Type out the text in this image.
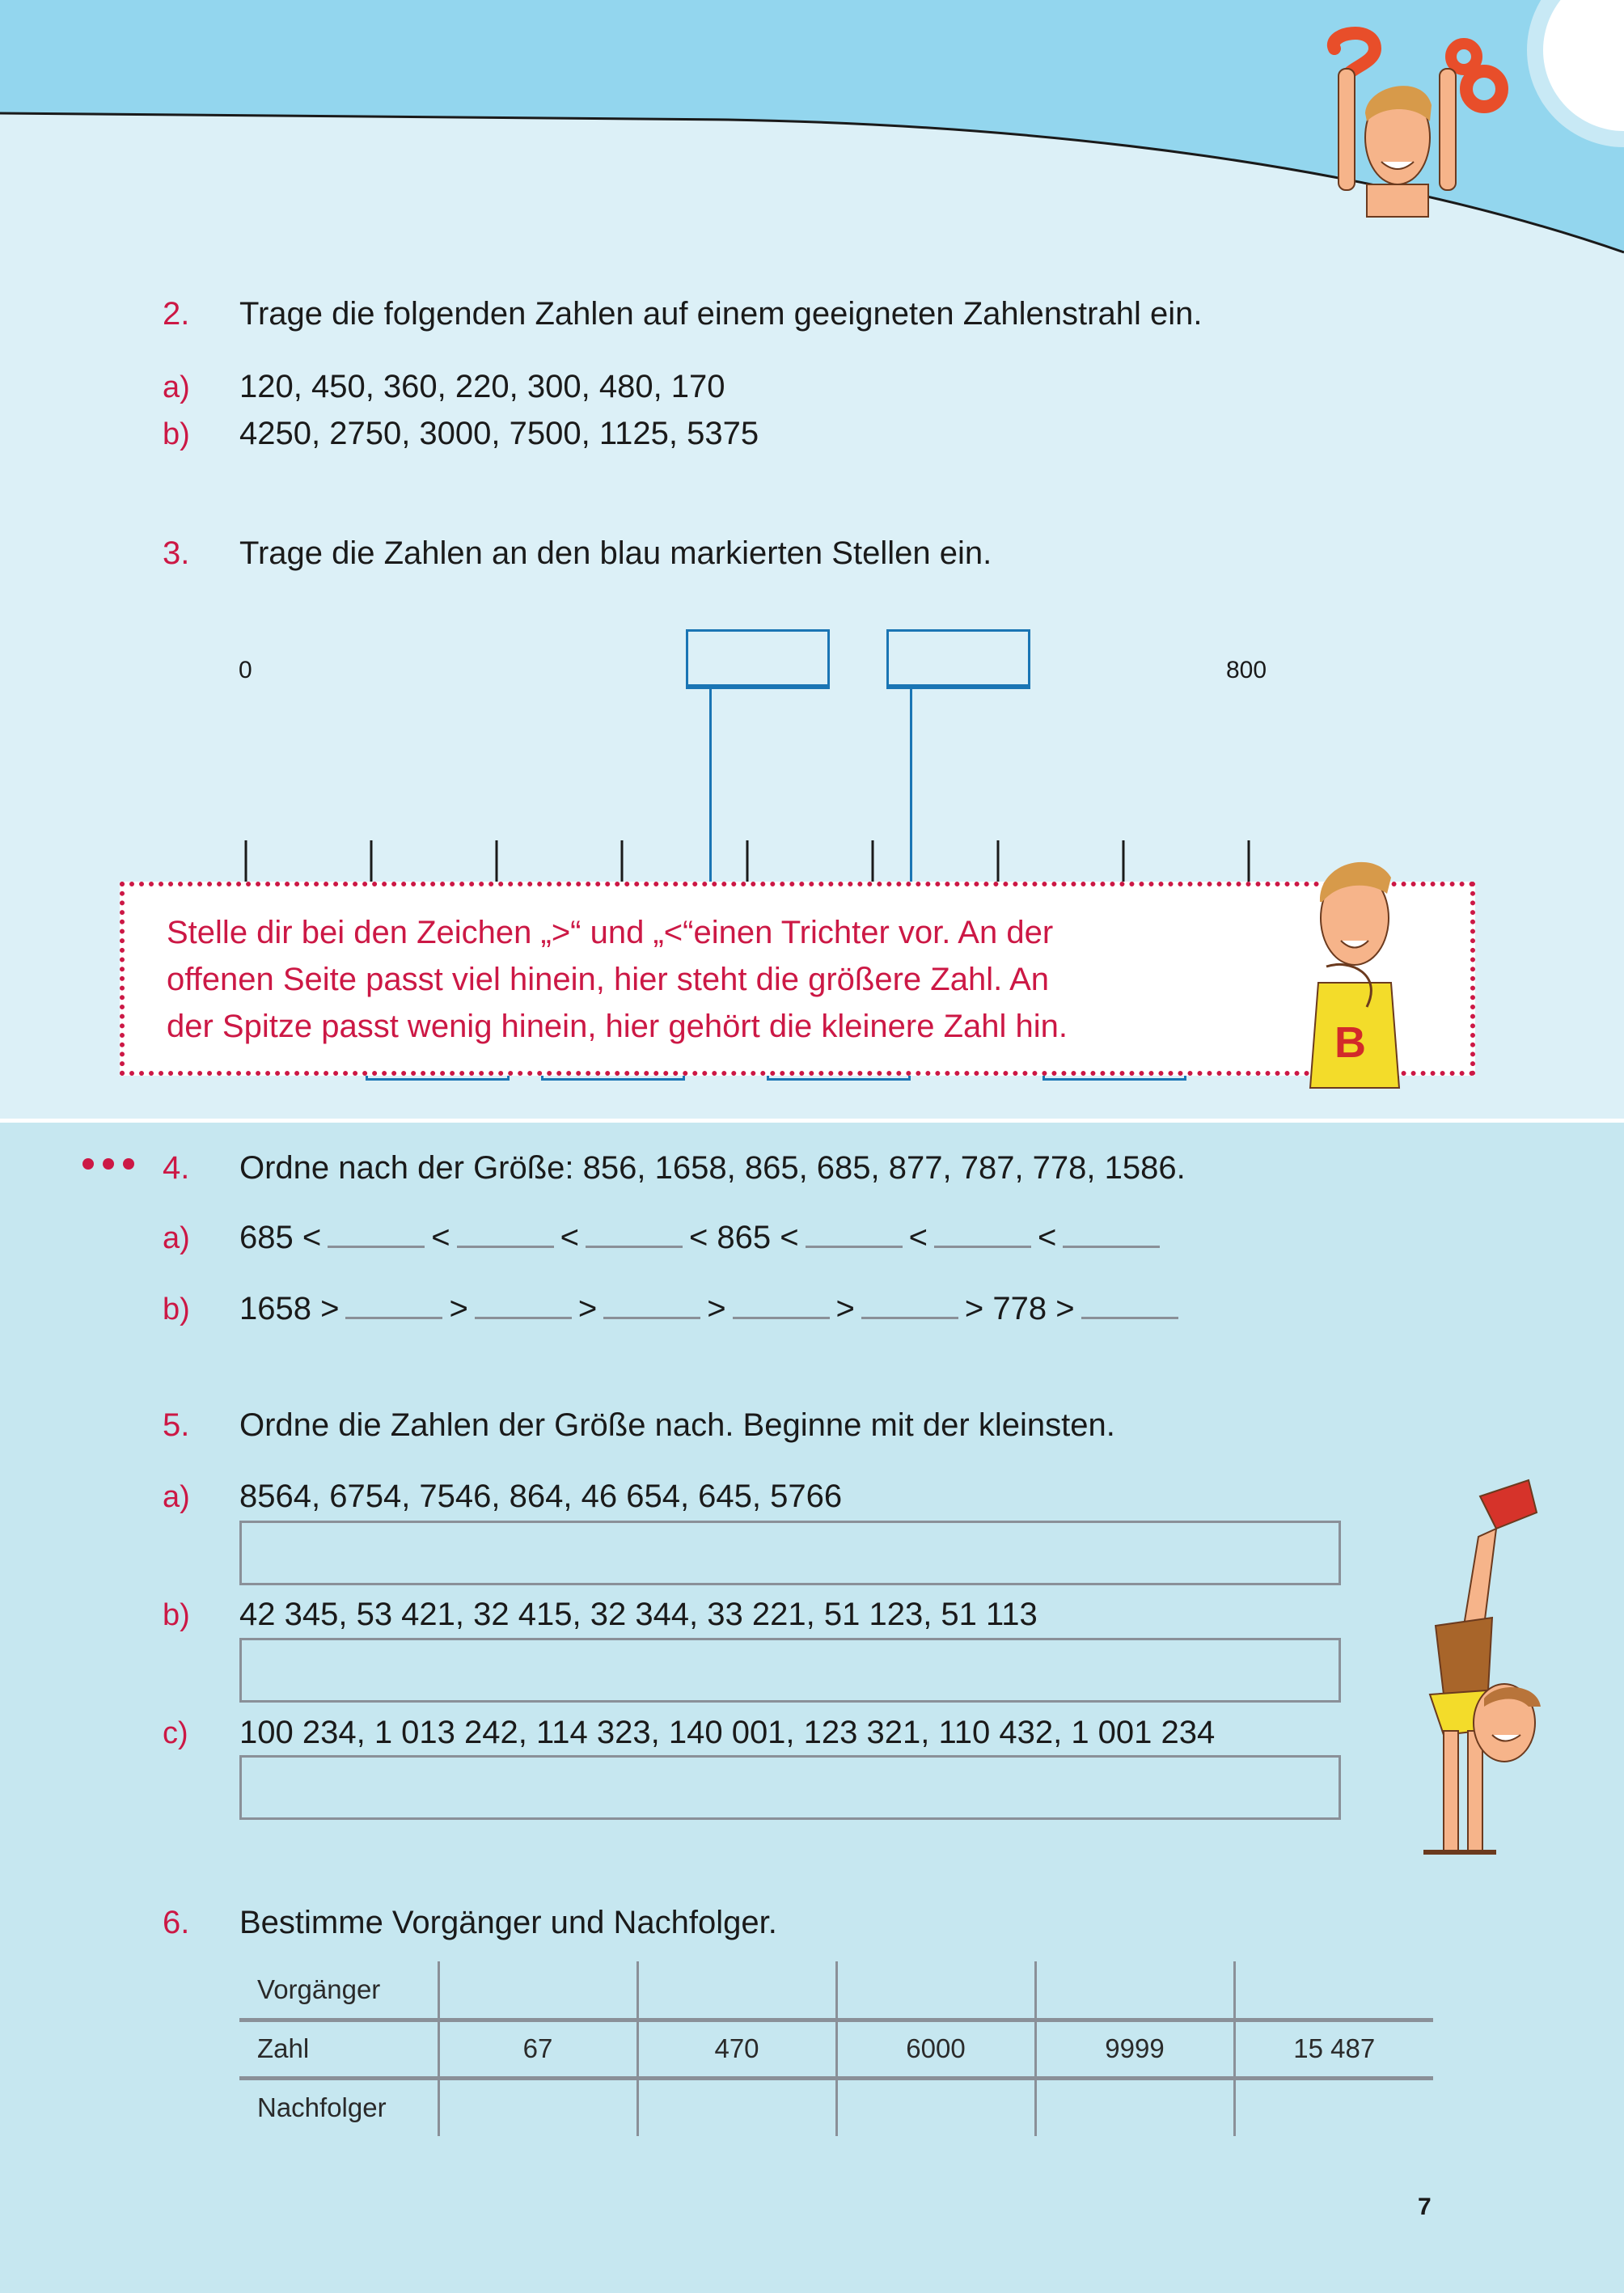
2. Trage die folgenden Zahlen auf einem geeigneten Zahlenstrahl ein.
a) 120, 450, 360, 220, 300, 480, 170
b) 4250, 2750, 3000, 7500, 1125, 5375
3. Trage die Zahlen an den blau markierten Stellen ein.
0	800
Stelle dir bei den Zeichen „>“ und „<“einen Trichter vor. An der
offenen Seite passt viel hinein, hier steht die größere Zahl. An
der Spitze passt wenig hinein, hier gehört die kleinere Zahl hin.	B
4. Ordne nach der Größe: 856, 1658, 865, 685, 877, 787, 778, 1586.
a) 685 <	<	<	< 865 <	<	<
b) 1658 >	>	>	>	>	> 778 >
5. Ordne die Zahlen der Größe nach. Beginne mit der kleinsten.
a) 8564, 6754, 7546, 864, 46 654, 645, 5766
b) 42 345, 53 421, 32 415, 32 344, 33 221, 51 123, 51 113
c) 100 234, 1 013 242, 114 323, 140 001, 123 321, 110 432, 1 001 234
6. Bestimme Vorgänger und Nachfolger.
Vorgänger					
Zahl	67	470	6000	9999	15 487
Nachfolger					
7
